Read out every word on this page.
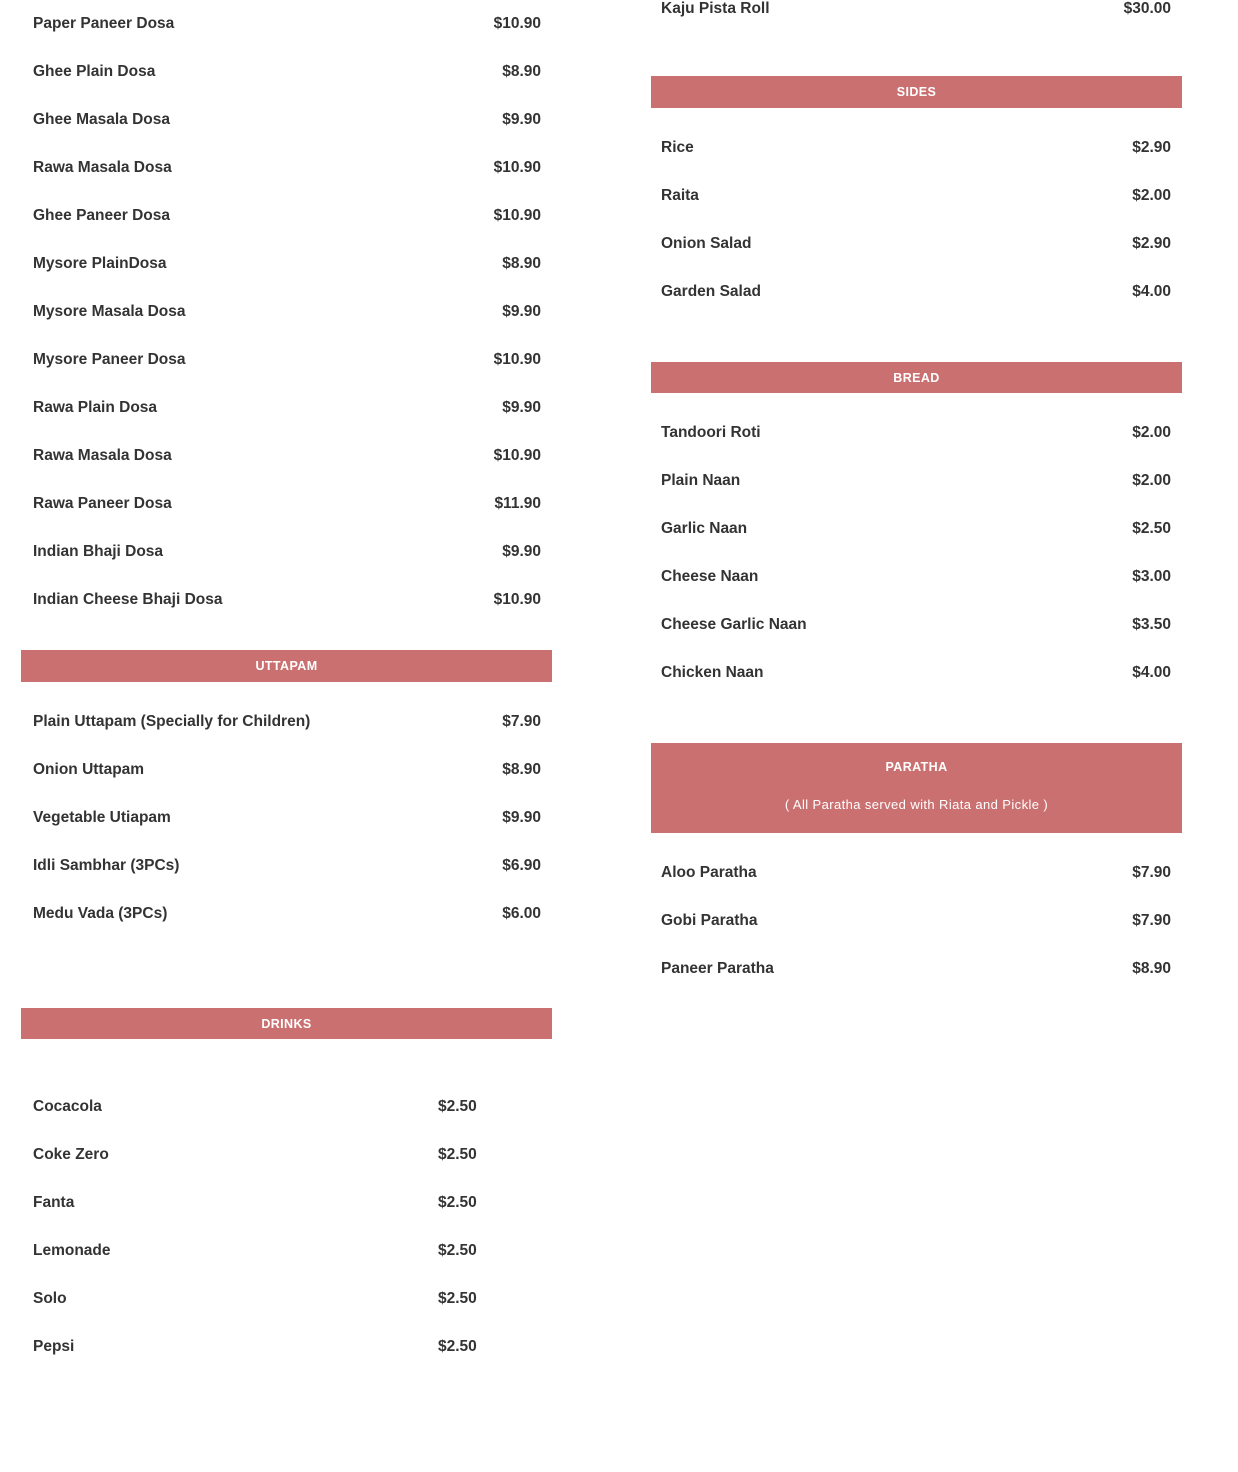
Paper Paneer Dosa	$10.90
Ghee Plain Dosa	$8.90
Ghee Masala Dosa	$9.90
Rawa Masala Dosa	$10.90
Ghee Paneer Dosa	$10.90
Mysore PlainDosa	$8.90
Mysore Masala Dosa	$9.90
Mysore Paneer Dosa	$10.90
Rawa Plain Dosa	$9.90
Rawa Masala Dosa	$10.90
Rawa Paneer Dosa	$11.90
Indian Bhaji Dosa	$9.90
Indian Cheese Bhaji Dosa	$10.90
UTTAPAM
Plain Uttapam (Specially for Children)	$7.90
Onion Uttapam	$8.90
Vegetable Utiapam	$9.90
Idli Sambhar (3PCs)	$6.90
Medu Vada (3PCs)	$6.00
DRINKS
Cocacola	$2.50
Coke Zero	$2.50
Fanta	$2.50
Lemonade	$2.50
Solo	$2.50
Pepsi	$2.50
Kaju Pista Roll	$30.00
SIDES
Rice	$2.90
Raita	$2.00
Onion Salad	$2.90
Garden Salad	$4.00
BREAD
Tandoori Roti	$2.00
Plain Naan	$2.00
Garlic Naan	$2.50
Cheese Naan	$3.00
Cheese Garlic Naan	$3.50
Chicken Naan	$4.00
PARATHA
( All Paratha served with Riata and Pickle )
Aloo Paratha	$7.90
Gobi Paratha	$7.90
Paneer Paratha	$8.90
